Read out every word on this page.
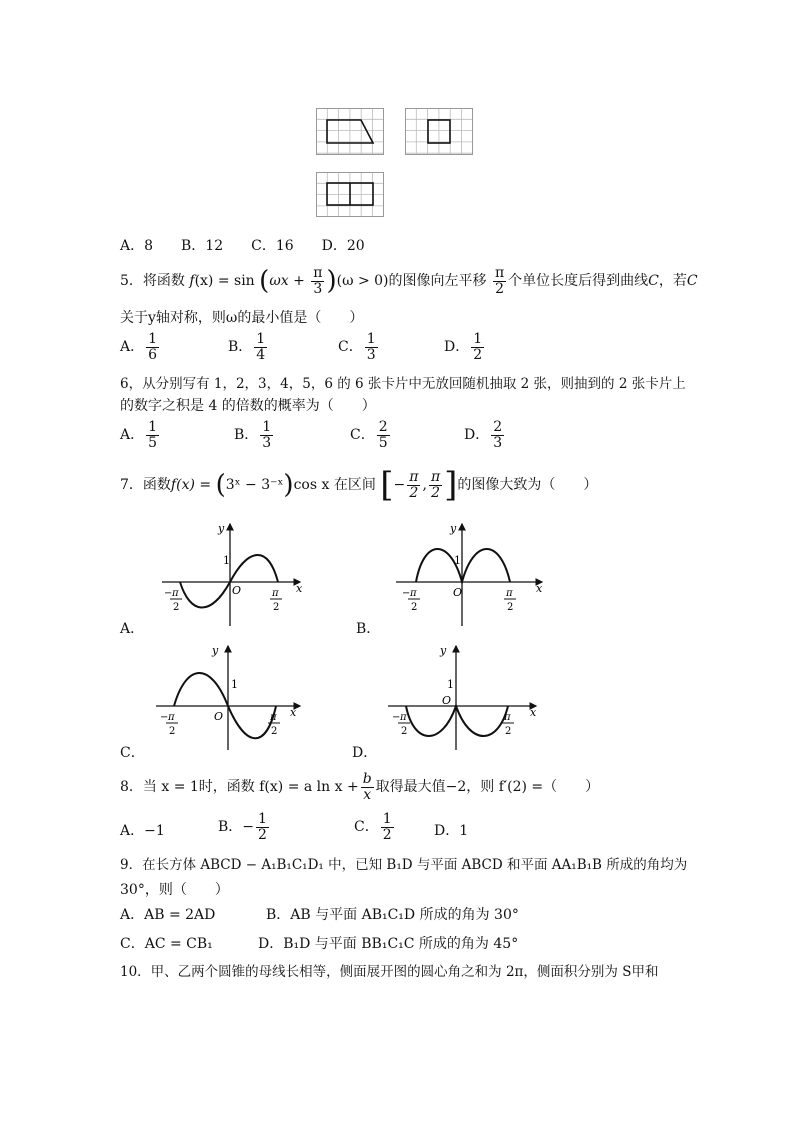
A．8　　B．12　　C．16　　D．20
5．将函数 $f(x) = \sin (\omega x + \frac{\pi}{3} )(\omega > 0)$的图像向左平移 $\frac{\pi}{2}$ 个单位长度后得到曲线C，若C
关于y轴对称，则ω的最小值是（　　）
A． $\frac{1}{6}$	B． $\frac{1}{4}$	C． $\frac{1}{3}$	D． $\frac{1}{2}$
6，从分别写有 1，2，3，4，5，6 的 6 张卡片中无放回随机抽取 2 张，则抽到的 2 张卡片上
的数字之积是 4 的倍数的概率为（　　）
A． $\frac{1}{5}$	B． $\frac{1}{3}$	C． $\frac{2}{5}$	D． $\frac{2}{3}$
7．函数f(x) = (3ˣ − 3⁻ˣ)cos x 在区间 [− $\frac{\pi}{2}$ , $\frac{\pi}{2}$ ]的图像大致为（　　）
y
x
1
O
− π
2
π
2
A．
y
x
1
O
− π
2
π
2
B．
y
x
1
O
− π
2
π
2
C．
y
x
1
O
− π
2
π
2
D．
8．当 x = 1时，函数 f(x) = a $\ln x + \frac{b}{x}$ 取得最大值−2，则 f′(2) =（　　）
A．−1	B．− $\frac{1}{2}$	C． $\frac{1}{2}$	D．1
9．在长方体 ABCD − A₁B₁C₁D₁ 中，已知 B₁D 与平面 ABCD 和平面 AA₁B₁B 所成的角均为
30°，则（　　）
A．AB = 2AD	B．AB 与平面 AB₁C₁D 所成的角为 30°
C．AC = CB₁	D．B₁D 与平面 BB₁C₁C 所成的角为 45°
10．甲、乙两个圆锥的母线长相等，侧面展开图的圆心角之和为 2π，侧面积分别为 S甲和
